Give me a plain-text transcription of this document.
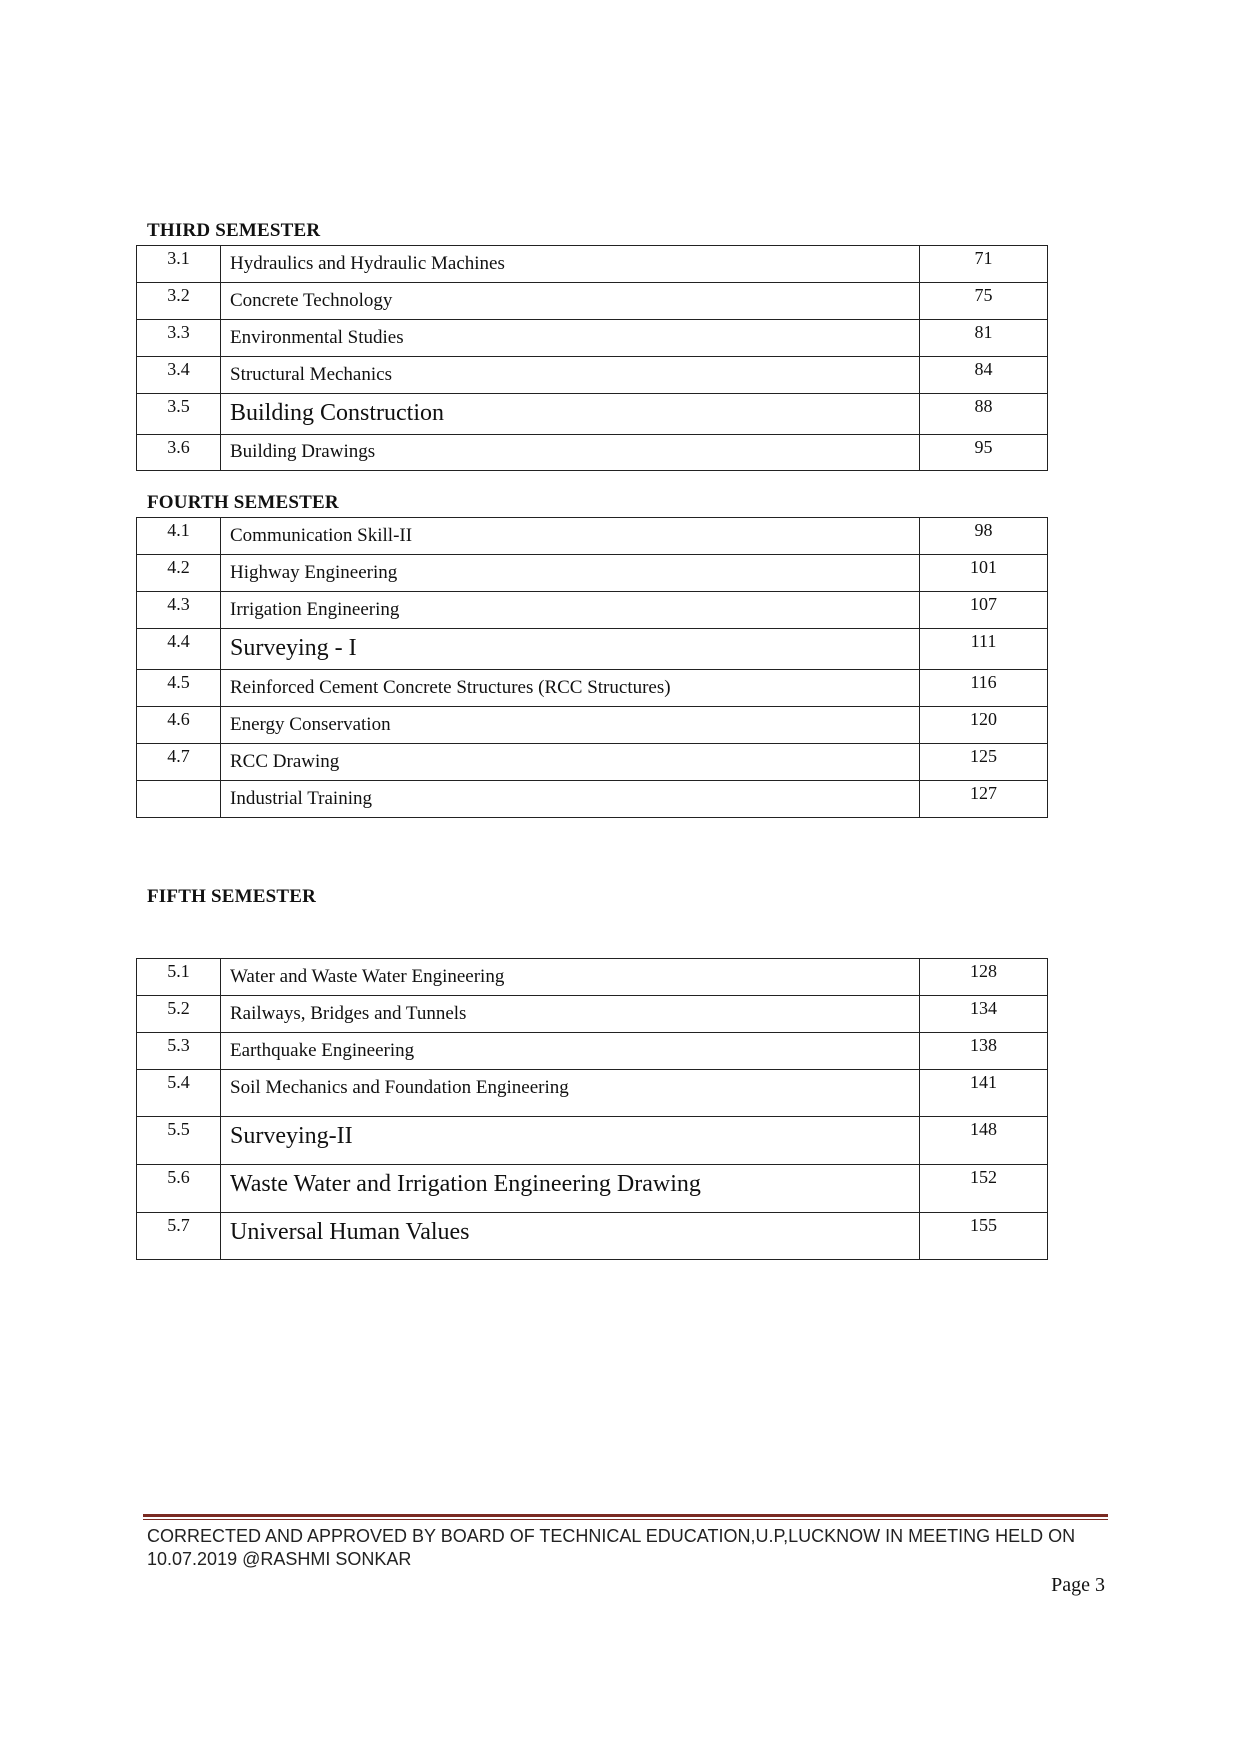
THIRD SEMESTER

3.1	Hydraulics and Hydraulic Machines	71
3.2	Concrete Technology	75
3.3	Environmental Studies	81
3.4	Structural Mechanics	84
3.5	Building Construction	88
3.6	Building Drawings	95

FOURTH SEMESTER

4.1	Communication Skill-II	98
4.2	Highway Engineering	101
4.3	Irrigation Engineering	107
4.4	Surveying - I	111
4.5	Reinforced Cement Concrete Structures (RCC Structures)	116
4.6	Energy Conservation	120
4.7	RCC Drawing	125

	Industrial Training	127

FIFTH SEMESTER

5.1	Water and Waste Water Engineering	128
5.2	Railways, Bridges and Tunnels	134
5.3	Earthquake Engineering	138
5.4	Soil Mechanics and Foundation Engineering	141
5.5	Surveying-II	148
5.6	Waste Water and Irrigation Engineering Drawing	152
5.7	Universal Human Values	155

CORRECTED AND APPROVED BY BOARD OF TECHNICAL EDUCATION,U.P,LUCKNOW IN MEETING HELD ON
10.07.2019 @RASHMI SONKAR

Page 3
